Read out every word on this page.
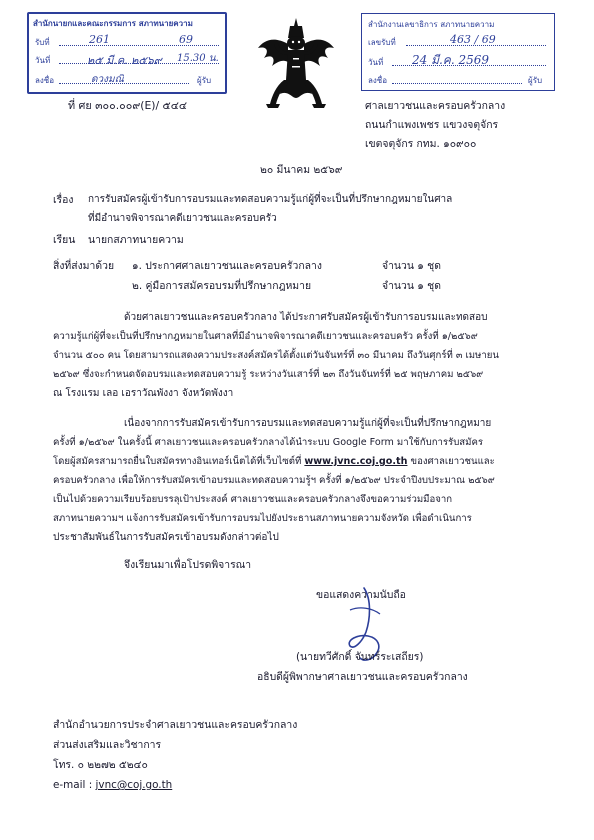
สำนักนายกและคณะกรรมการ สภาทนายความ
รับที่	261	69
วันที่	๒๕ มี.ค. ๒๕๖๙ 15.30 น.
ลงชื่อ	ดวงมณิ	ผู้รับ
สำนักงานเลขาธิการ สภาทนายความ
เลขรับที่	463 / 69
วันที่ 24 มี.ค. 2569
ลงชื่อ	ผู้รับ
ที่ ศย ๓๐๐.๐๐๙(E)/ ๕๔๔	ศาลเยาวชนและครอบครัวกลาง
ถนนกำแพงเพชร แขวงจตุจักร
เขตจตุจักร กทม. ๑๐๙๐๐
๒๐ มีนาคม ๒๕๖๙
เรื่อง การรับสมัครผู้เข้ารับการอบรมและทดสอบความรู้แก่ผู้ที่จะเป็นที่ปรึกษากฎหมายในศาล
ที่มีอำนาจพิจารณาคดีเยาวชนและครอบครัว
เรียน นายกสภาทนายความ
สิ่งที่ส่งมาด้วย ๑. ประกาศศาลเยาวชนและครอบครัวกลาง	จำนวน ๑ ชุด
๒. คู่มือการสมัครอบรมที่ปรึกษากฎหมาย	จำนวน ๑ ชุด
ด้วยศาลเยาวชนและครอบครัวกลาง ได้ประกาศรับสมัครผู้เข้ารับการอบรมและทดสอบ
ความรู้แก่ผู้ที่จะเป็นที่ปรึกษากฎหมายในศาลที่มีอำนาจพิจารณาคดีเยาวชนและครอบครัว ครั้งที่ ๑/๒๕๖๙
จำนวน ๕๐๐ คน โดยสามารถแสดงความประสงค์สมัครได้ตั้งแต่วันจันทร์ที่ ๓๐ มีนาคม ถึงวันศุกร์ที่ ๓ เมษายน
๒๕๖๙ ซึ่งจะกำหนดจัดอบรมและทดสอบความรู้ ระหว่างวันเสาร์ที่ ๒๓ ถึงวันจันทร์ที่ ๒๕ พฤษภาคม ๒๕๖๙
ณ โรงแรม เลอ เอราวัณพังงา จังหวัดพังงา
เนื่องจากการรับสมัครเข้ารับการอบรมและทดสอบความรู้แก่ผู้ที่จะเป็นที่ปรึกษากฎหมาย
ครั้งที่ ๑/๒๕๖๙ ในครั้งนี้ ศาลเยาวชนและครอบครัวกลางได้นำระบบ Google Form มาใช้กับการรับสมัคร
โดยผู้สมัครสามารถยื่นใบสมัครทางอินเทอร์เน็ตได้ที่เว็บไซต์ที่ www.jvnc.coj.go.th ของศาลเยาวชนและ
ครอบครัวกลาง เพื่อให้การรับสมัครเข้าอบรมและทดสอบความรู้ฯ ครั้งที่ ๑/๒๕๖๙ ประจำปีงบประมาณ ๒๕๖๙
เป็นไปด้วยความเรียบร้อยบรรลุเป้าประสงค์ ศาลเยาวชนและครอบครัวกลางจึงขอความร่วมมือจาก
สภาทนายความฯ แจ้งการรับสมัครเข้ารับการอบรมไปยังประธานสภาทนายความจังหวัด เพื่อดำเนินการ
ประชาสัมพันธ์ในการรับสมัครเข้าอบรมดังกล่าวต่อไป
จึงเรียนมาเพื่อโปรดพิจารณา
ขอแสดงความนับถือ
(นายทวีศักดิ์ จันทร์ระเสถียร)
อธิบดีผู้พิพากษาศาลเยาวชนและครอบครัวกลาง
สำนักอำนวยการประจำศาลเยาวชนและครอบครัวกลาง
ส่วนส่งเสริมและวิชาการ
โทร. ๐ ๒๒๗๒ ๕๒๔๐
e-mail : jvnc@coj.go.th
